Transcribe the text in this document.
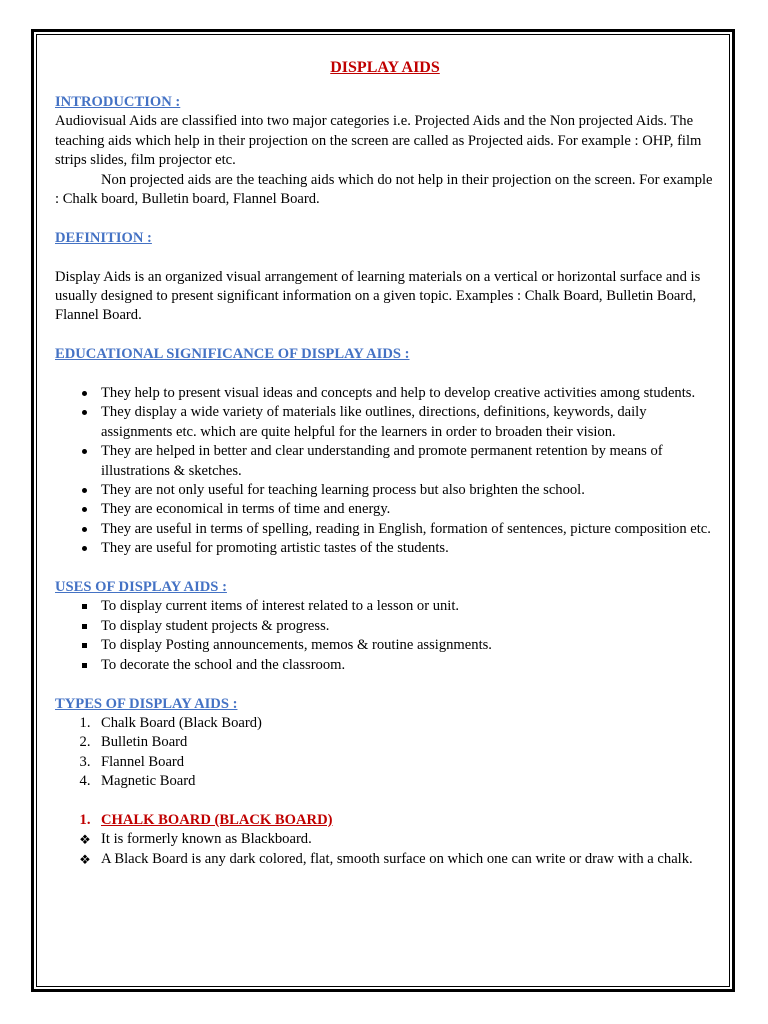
DISPLAY AIDS

INTRODUCTION :

Audiovisual Aids are classified into two major categories i.e. Projected Aids and the Non projected Aids. The teaching aids which help in their projection on the screen are called as Projected aids. For example : OHP, film strips slides, film projector etc.

Non projected aids are the teaching aids which do not help in their projection on the screen. For example : Chalk board, Bulletin board, Flannel Board.

DEFINITION :

Display Aids is an organized visual arrangement of learning materials on a vertical or horizontal surface and is usually designed to present significant information on a given topic. Examples : Chalk Board, Bulletin Board, Flannel Board.

EDUCATIONAL SIGNIFICANCE OF DISPLAY AIDS :

They help to present visual ideas and concepts and help to develop creative activities among students.
They display a wide variety of materials like outlines, directions, definitions, keywords, daily assignments etc. which are quite helpful for the learners in order to broaden their vision.
They are helped in better and clear understanding and promote permanent retention by means of illustrations & sketches.
They are not only useful for teaching learning process but also brighten the school.
They are economical in terms of time and energy.
They are useful in terms of spelling, reading in English, formation of sentences, picture composition etc.
They are useful for promoting artistic tastes of the students.

USES OF DISPLAY AIDS :

To display current items of interest related to a lesson or unit.
To display student projects & progress.
To display Posting announcements, memos & routine assignments.
To decorate the school and the classroom.

TYPES OF DISPLAY AIDS :

1. Chalk Board (Black Board)
2. Bulletin Board
3. Flannel Board
4. Magnetic Board
1. CHALK BOARD (BLACK BOARD)
❖ It is formerly known as Blackboard.
❖ A Black Board is any dark colored, flat, smooth surface on which one can write or draw with a chalk.
